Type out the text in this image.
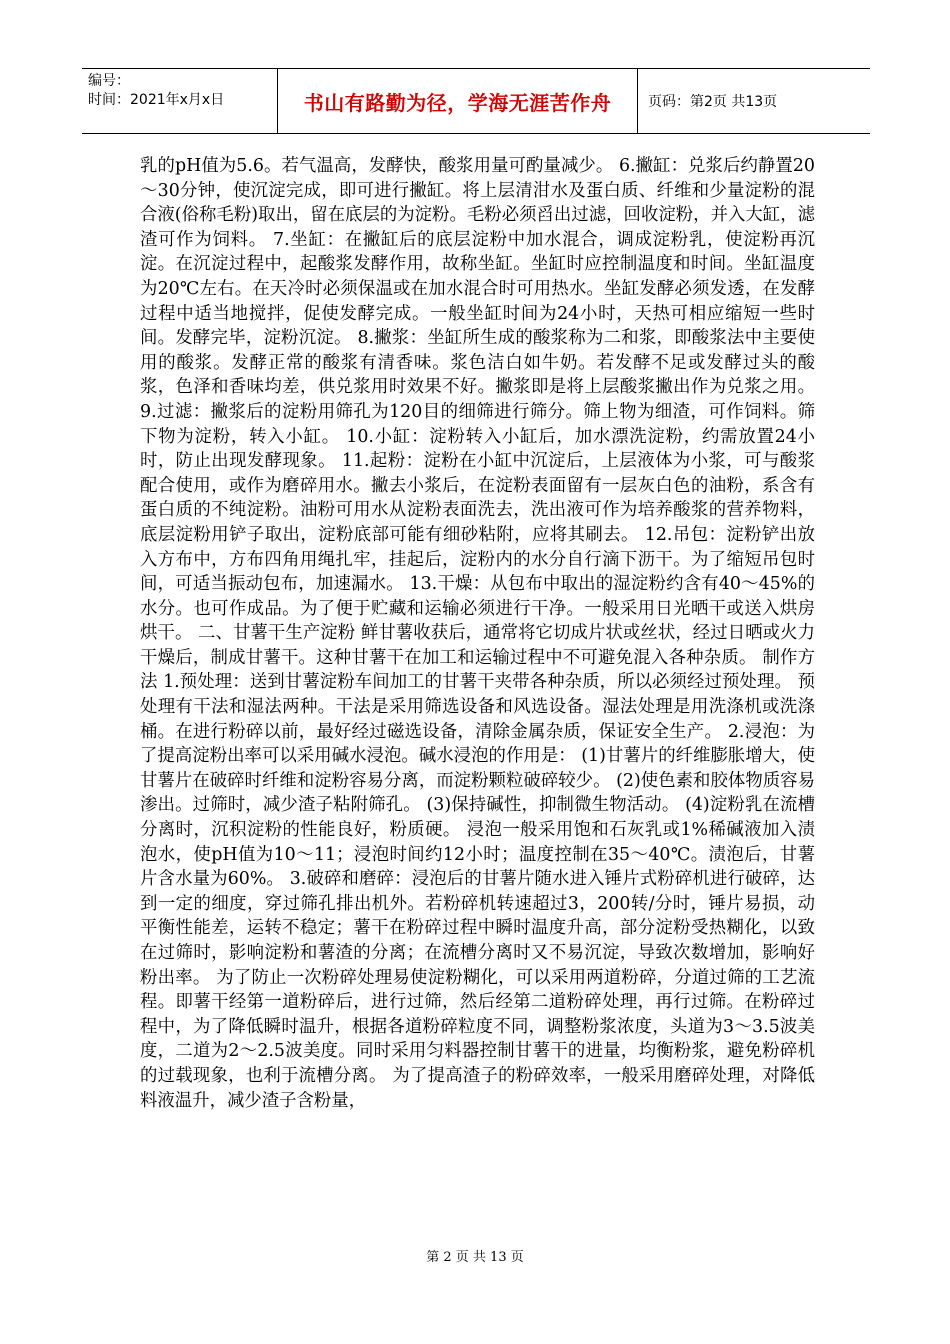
编号：
时间：2021年x月x日	书山有路勤为径，学海无涯苦作舟	页码：第2页 共13页
乳的pH值为5.6。若气温高，发酵快，酸浆用量可酌量减少。 6.撇缸：兑浆后约静置20～30分钟，使沉淀完成，即可进行撇缸。将上层清泔水及蛋白质、纤维和少量淀粉的混合液(俗称毛粉)取出，留在底层的为淀粉。毛粉必须舀出过滤，回收淀粉，并入大缸，滤渣可作为饲料。 7.坐缸：在撇缸后的底层淀粉中加水混合，调成淀粉乳，使淀粉再沉淀。在沉淀过程中，起酸浆发酵作用，故称坐缸。坐缸时应控制温度和时间。坐缸温度为20℃左右。在天冷时必须保温或在加水混合时可用热水。坐缸发酵必须发透，在发酵过程中适当地搅拌，促使发酵完成。一般坐缸时间为24小时，天热可相应缩短一些时间。发酵完毕，淀粉沉淀。 8.撇浆：坐缸所生成的酸浆称为二和浆，即酸浆法中主要使用的酸浆。发酵正常的酸浆有清香味。浆色洁白如牛奶。若发酵不足或发酵过头的酸浆，色泽和香味均差，供兑浆用时效果不好。撇浆即是将上层酸浆撇出作为兑浆之用。 9.过滤：撇浆后的淀粉用筛孔为120目的细筛进行筛分。筛上物为细渣，可作饲料。筛下物为淀粉，转入小缸。 10.小缸：淀粉转入小缸后，加水漂洗淀粉，约需放置24小时，防止出现发酵现象。 11.起粉：淀粉在小缸中沉淀后，上层液体为小浆，可与酸浆配合使用，或作为磨碎用水。撇去小浆后，在淀粉表面留有一层灰白色的油粉，系含有蛋白质的不纯淀粉。油粉可用水从淀粉表面洗去，洗出液可作为培养酸浆的营养物料，底层淀粉用铲子取出，淀粉底部可能有细砂粘附，应将其刷去。 12.吊包：淀粉铲出放入方布中，方布四角用绳扎牢，挂起后，淀粉内的水分自行滴下沥干。为了缩短吊包时间，可适当振动包布，加速漏水。 13.干燥：从包布中取出的湿淀粉约含有40～45%的水分。也可作成品。为了便于贮藏和运输必须进行干净。一般采用日光晒干或送入烘房烘干。 二、甘薯干生产淀粉 鲜甘薯收获后，通常将它切成片状或丝状，经过日晒或火力干燥后，制成甘薯干。这种甘薯干在加工和运输过程中不可避免混入各种杂质。 制作方法 1.预处理：送到甘薯淀粉车间加工的甘薯干夹带各种杂质，所以必须经过预处理。 预处理有干法和湿法两种。干法是采用筛选设备和风选设备。湿法处理是用洗涤机或洗涤桶。在进行粉碎以前，最好经过磁选设备，清除金属杂质，保证安全生产。 2.浸泡：为了提高淀粉出率可以采用碱水浸泡。碱水浸泡的作用是： (1)甘薯片的纤维膨胀增大，使甘薯片在破碎时纤维和淀粉容易分离，而淀粉颗粒破碎较少。 (2)使色素和胶体物质容易渗出。过筛时，减少渣子粘附筛孔。 (3)保持碱性，抑制微生物活动。 (4)淀粉乳在流槽分离时，沉积淀粉的性能良好，粉质硬。 浸泡一般采用饱和石灰乳或1%稀碱液加入渍泡水，使pH值为10～11；浸泡时间约12小时；温度控制在35～40℃。渍泡后，甘薯片含水量为60%。 3.破碎和磨碎：浸泡后的甘薯片随水进入锤片式粉碎机进行破碎，达到一定的细度，穿过筛孔排出机外。若粉碎机转速超过3，200转/分时，锤片易损，动平衡性能差，运转不稳定；薯干在粉碎过程中瞬时温度升高，部分淀粉受热糊化，以致在过筛时，影响淀粉和薯渣的分离；在流槽分离时又不易沉淀，导致次数增加，影响好粉出率。 为了防止一次粉碎处理易使淀粉糊化，可以采用两道粉碎，分道过筛的工艺流程。即薯干经第一道粉碎后，进行过筛，然后经第二道粉碎处理，再行过筛。在粉碎过程中，为了降低瞬时温升，根据各道粉碎粒度不同，调整粉浆浓度，头道为3～3.5波美度，二道为2～2.5波美度。同时采用匀料器控制甘薯干的进量，均衡粉浆，避免粉碎机的过载现象，也利于流槽分离。 为了提高渣子的粉碎效率，一般采用磨碎处理，对降低料液温升，减少渣子含粉量，
第 2 页 共 13 页
